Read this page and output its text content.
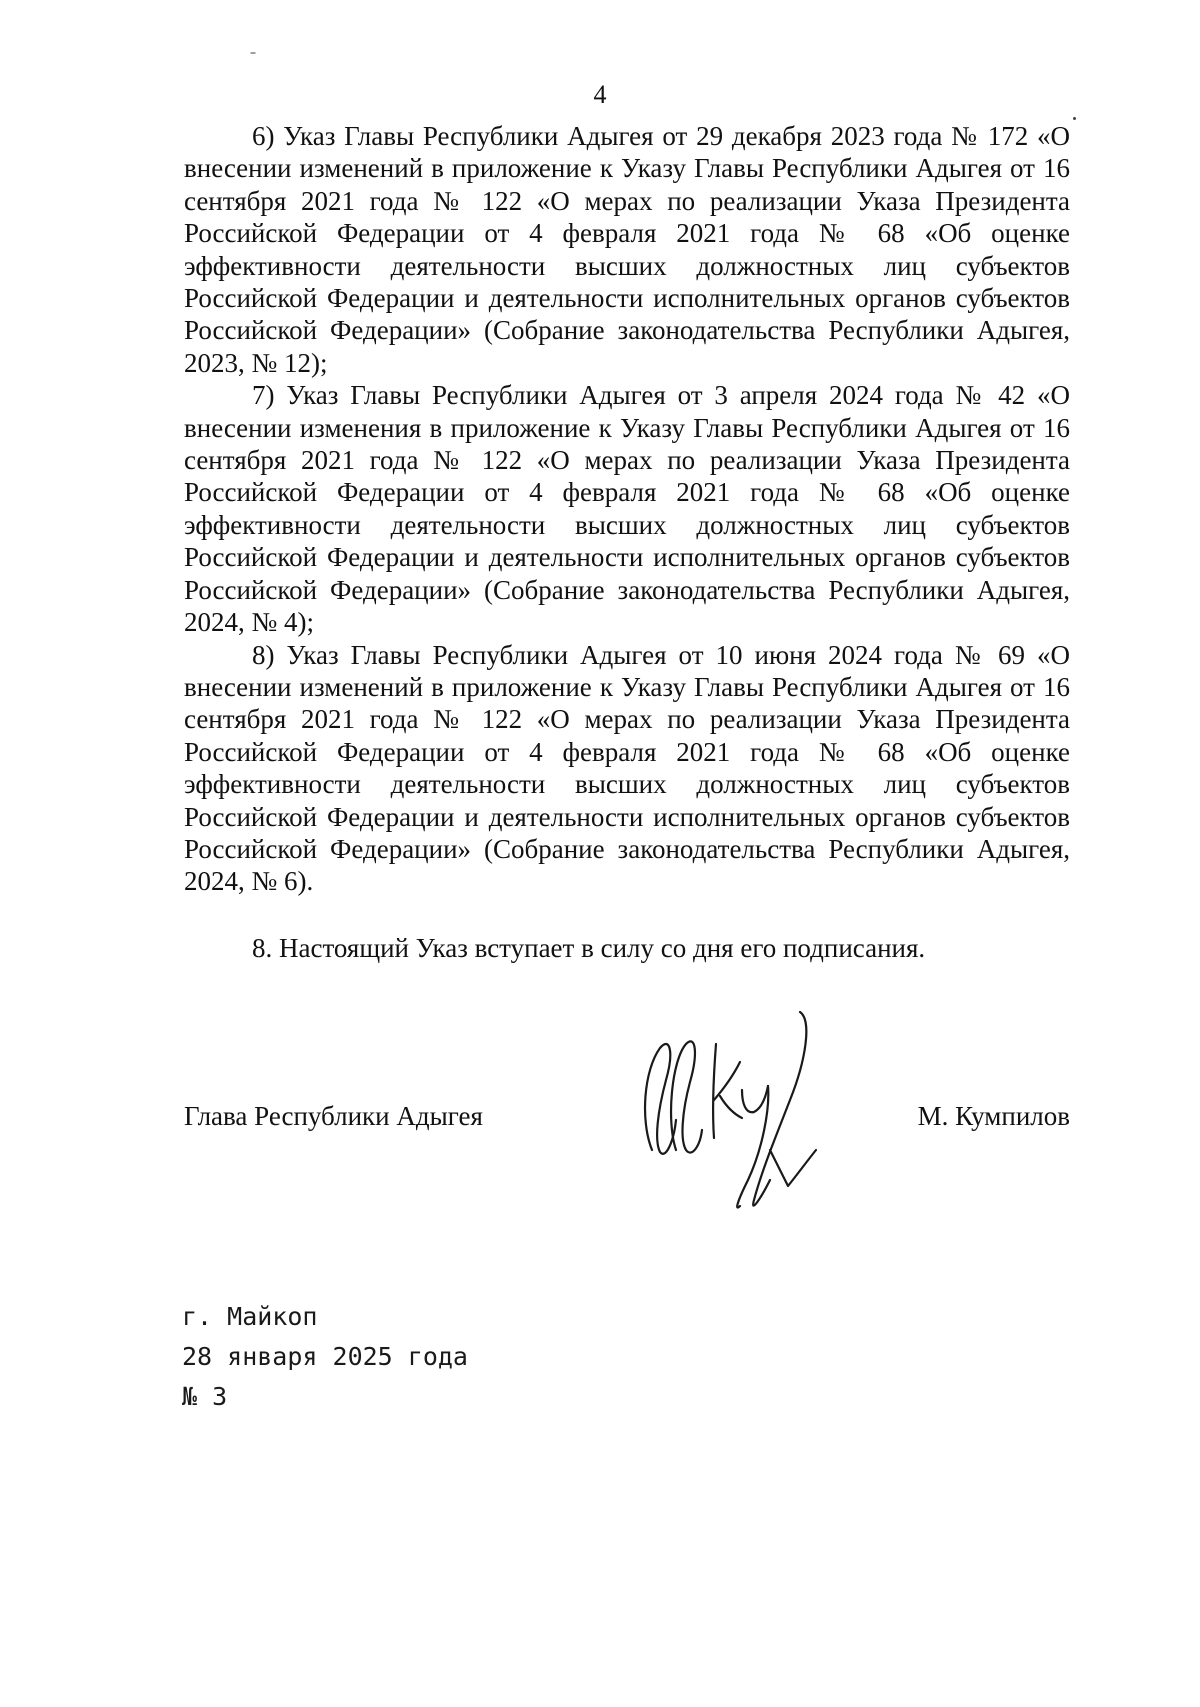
4

6) Указ Главы Республики Адыгея от 29 декабря 2023 года № 172 «О внесении изменений в приложение к Указу Главы Республики Адыгея от 16 сентября 2021 года № 122 «О мерах по реализации Указа Президента Российской Федерации от 4 февраля 2021 года № 68 «Об оценке эффективности деятельности высших должностных лиц субъектов Российской Федерации и деятельности исполнительных органов субъектов Российской Федерации» (Собрание законодательства Республики Адыгея, 2023, № 12);

7) Указ Главы Республики Адыгея от 3 апреля 2024 года № 42 «О внесении изменения в приложение к Указу Главы Республики Адыгея от 16 сентября 2021 года № 122 «О мерах по реализации Указа Президента Российской Федерации от 4 февраля 2021 года № 68 «Об оценке эффективности деятельности высших должностных лиц субъектов Российской Федерации и деятельности исполнительных органов субъектов Российской Федерации» (Собрание законодательства Республики Адыгея, 2024, № 4);

8) Указ Главы Республики Адыгея от 10 июня 2024 года № 69 «О внесении изменений в приложение к Указу Главы Республики Адыгея от 16 сентября 2021 года № 122 «О мерах по реализации Указа Президента Российской Федерации от 4 февраля 2021 года № 68 «Об оценке эффективности деятельности высших должностных лиц субъектов Российской Федерации и деятельности исполнительных органов субъектов Российской Федерации» (Собрание законодательства Республики Адыгея, 2024, № 6).

8. Настоящий Указ вступает в силу со дня его подписания.

Глава Республики Адыгея	М. Кумпилов
г. Майкоп
28 января 2025 года
№ 3
